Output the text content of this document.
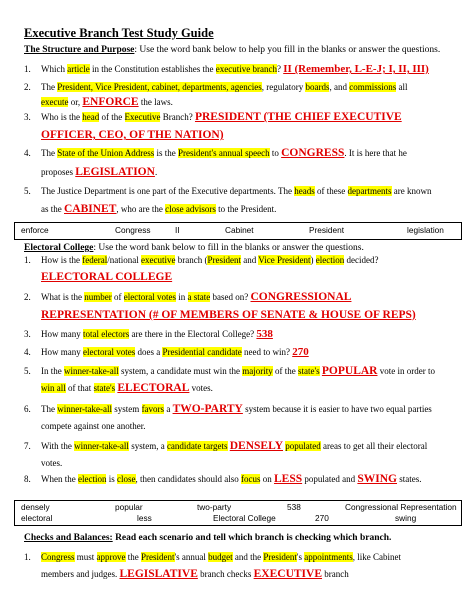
Executive Branch Test Study Guide
The Structure and Purpose: Use the word bank below to help you fill in the blanks or answer the questions.
1. Which article in the Constitution establishes the executive branch? II (Remember, L-E-J; I, II, III)
2. The President, Vice President, cabinet, departments, agencies, regulatory boards, and commissions all
execute or, ENFORCE the laws.
3. Who is the head of the Executive Branch? PRESIDENT (THE CHIEF EXECUTIVE
OFFICER, CEO, OF THE NATION)
4. The State of the Union Address is the President's annual speech to CONGRESS. It is here that he
proposes LEGISLATION.
5. The Justice Department is one part of the Executive departments. The heads of these departments are known
as the CABINET, who are the close advisors to the President.
enforce	Congress	II	Cabinet	President	legislation
Electoral College: Use the word bank below to fill in the blanks or answer the questions.
1. How is the federal/national executive branch (President and Vice President) election decided?
ELECTORAL COLLEGE
2. What is the number of electoral votes in a state based on? CONGRESSIONAL
REPRESENTATION (# OF MEMBERS OF SENATE & HOUSE OF REPS)
3. How many total electors are there in the Electoral College? 538
4. How many electoral votes does a Presidential candidate need to win? 270
5. In the winner-take-all system, a candidate must win the majority of the state's POPULAR vote in order to
win all of that state's ELECTORAL votes.
6. The winner-take-all system favors a TWO-PARTY system because it is easier to have two equal parties
compete against one another.
7. With the winner-take-all system, a candidate targets DENSELY populated areas to get all their electoral
votes.
8. When the election is close, then candidates should also focus on LESS populated and SWING states.
densely	popular	two-party	538	Congressional Representation
electoral	less	Electoral College	270	swing
Checks and Balances: Read each scenario and tell which branch is checking which branch.
1. Congress must approve the President's annual budget and the President's appointments, like Cabinet
members and judges. LEGISLATIVE branch checks EXECUTIVE branch
